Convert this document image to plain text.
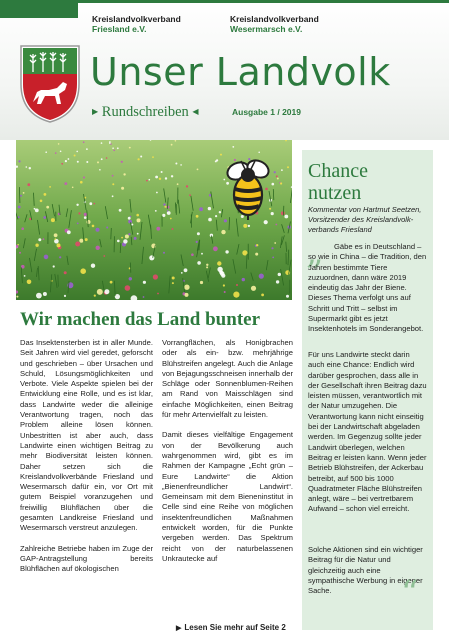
Kreislandvolkverband
Friesland e.V.
Kreislandvolkverband
Wesermarsch e.V.
Unser Landvolk
▶ Rundschreiben ◀	Ausgabe 1 / 2019
Chance
nutzen
Kommentar von Hartmut Seetzen, Vorsitzender des Kreislandvolk-verbands Friesland
„	Gäbe es in Deutschland – so wie in China – die Tradition, den Jahren bestimmte Tiere zuzuordnen, dann wäre 2019 eindeutig das Jahr der Biene. Dieses Thema verfolgt uns auf Schritt und Tritt – selbst im Supermarkt gibt es jetzt Insektenhotels im Sonderangebot.
Für uns Landwirte steckt darin auch eine Chance: Endlich wird darüber gesprochen, dass alle in der Gesellschaft ihren Beitrag dazu leisten müssen, verantwortlich mit der Natur umzugehen. Die Verantwortung kann nicht einseitig bei der Landwirtschaft abgeladen werden. Im Gegenzug sollte jeder Landwirt überlegen, welchen Beitrag er leisten kann. Wenn jeder Betrieb Blühstreifen, der Ackerbau betreibt, auf 500 bis 1000 Quadratmeter Fläche Blühstreifen anlegt, wäre – bei vertretbarem Aufwand – schon viel erreicht.
Solche Aktionen sind ein wichtiger Beitrag für die Natur und gleichzeitig auch eine sympathische Werbung in eigener Sache.	“
Wir machen das Land bunter

Das Insektensterben ist in aller Munde. Seit Jahren wird viel geredet, geforscht und geschrieben – über Ursachen und Schuld, Lösungsmöglichkeiten und Verbote. Viele Aspekte spielen bei der Entwicklung eine Rolle, und es ist klar, dass Landwirte weder die alleinige Verantwortung tragen, noch das Problem alleine lösen können. Unbestritten ist aber auch, dass Landwirte einen wichtigen Beitrag zu mehr Biodiversität leisten können. Daher setzen sich die Kreislandvolkverbände Friesland und Wesermarsch dafür ein, vor Ort mit gutem Beispiel voranzugehen und freiwillig Blühflächen über die gesamten Landkreise Friesland und Wesermarsch verstreut anzulegen.

Zahlreiche Betriebe haben im Zuge der GAP-Antragstellung bereits Blühflächen auf ökologischen

Vorrangflächen, als Honigbrachen oder als ein- bzw. mehrjährige Blühstreifen angelegt. Auch die Anlage von Bejagungsschneisen innerhalb der Schläge oder Sonnenblumen-Reihen am Rand von Maisschlägen sind einfache Möglichkeiten, einen Beitrag für mehr Artenvielfalt zu leisten.

Damit dieses vielfältige Engagement von der Bevölkerung auch wahrgenommen wird, gibt es im Rahmen der Kampagne „Echt grün – Eure Landwirte“ die Aktion „Bienenfreundlicher Landwirt“. Gemeinsam mit dem Bieneninstitut in Celle sind eine Reihe von möglichen insektenfreundlichen Maßnahmen entwickelt worden, für die Punkte vergeben werden. Das Spektrum reicht von der naturbelassenen Unkrautecke auf

▶ Lesen Sie mehr auf Seite 2
